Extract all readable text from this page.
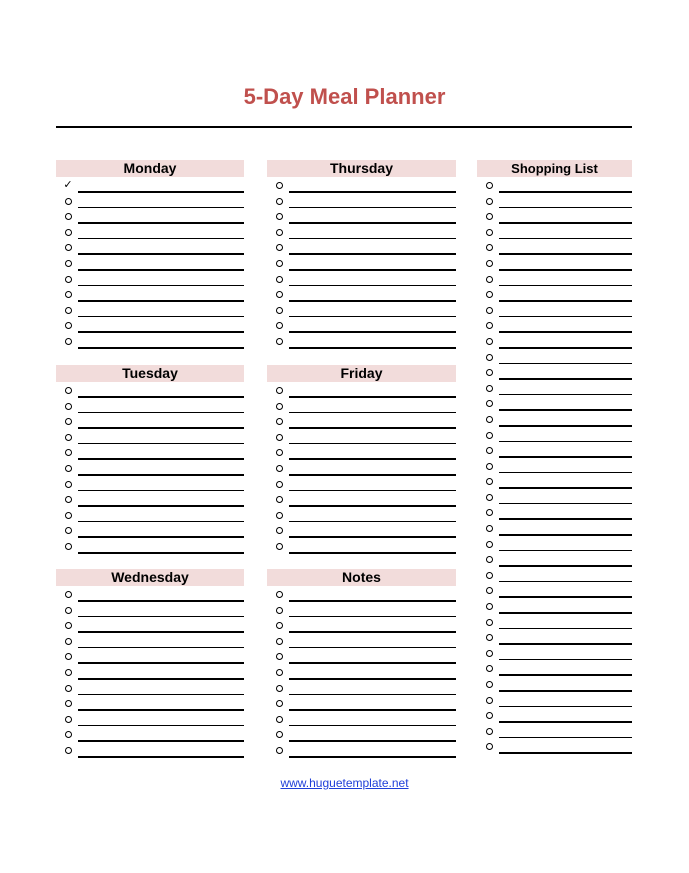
5-Day Meal Planner
Monday
✓
Thursday
Tuesday	Friday
Wednesday	Notes
Shopping List
www.huguetemplate.net
